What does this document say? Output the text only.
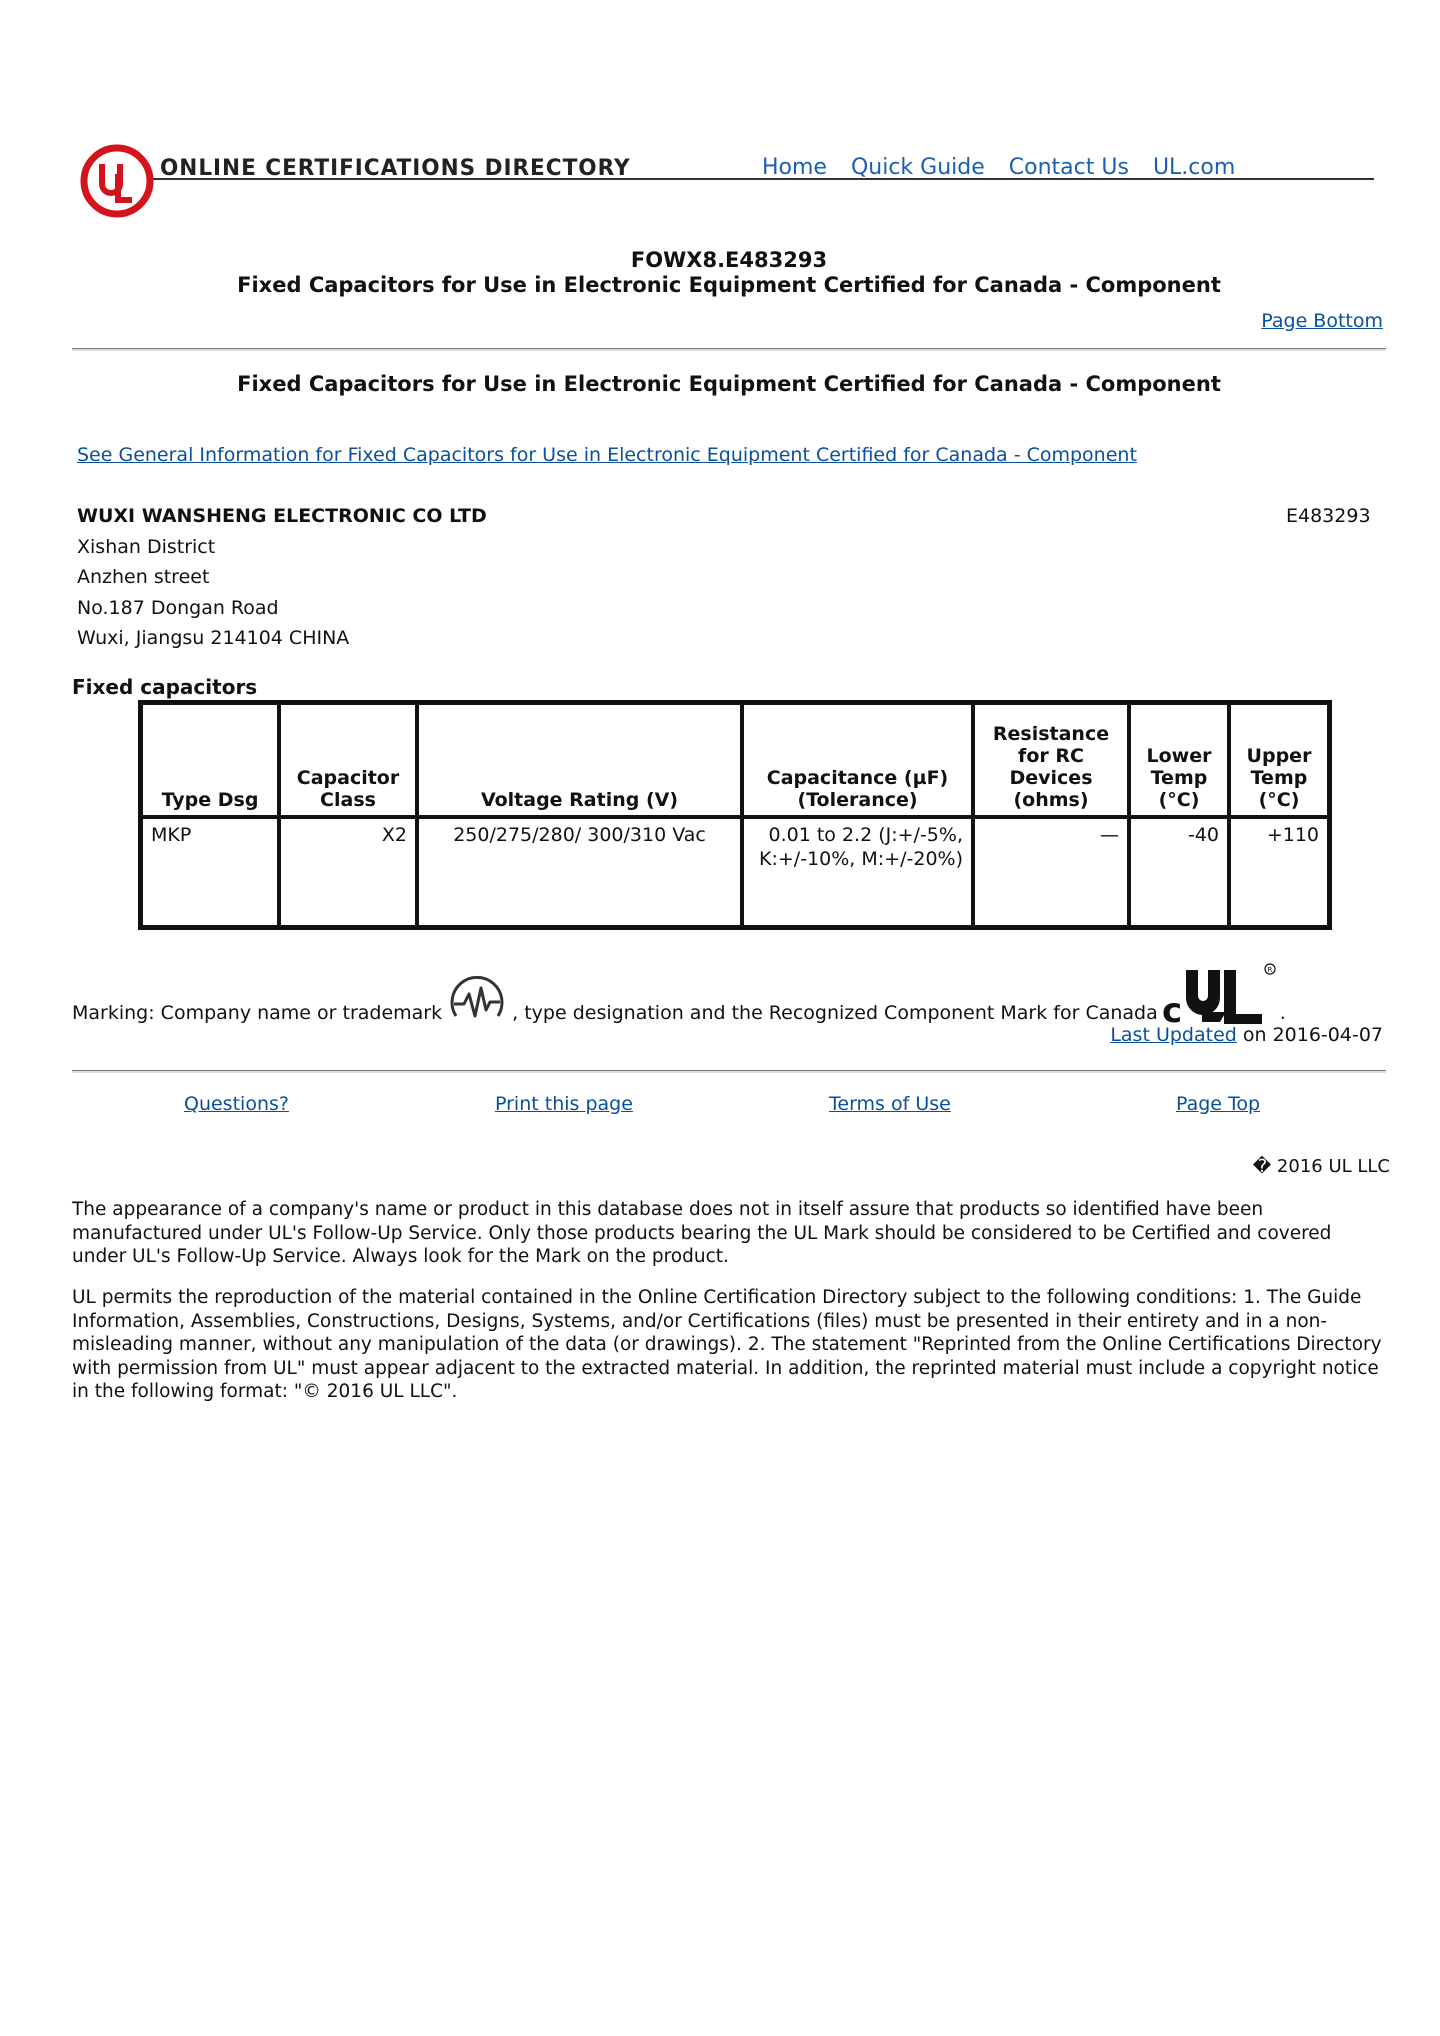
ONLINE CERTIFICATIONS DIRECTORY	Home Quick Guide Contact Us UL.com
FOWX8.E483293
Fixed Capacitors for Use in Electronic Equipment Certified for Canada - Component
Page Bottom
Fixed Capacitors for Use in Electronic Equipment Certified for Canada - Component
See General Information for Fixed Capacitors for Use in Electronic Equipment Certified for Canada - Component
WUXI WANSHENG ELECTRONIC CO LTD	E483293
Xishan District
Anzhen street
No.187 Dongan Road
Wuxi, Jiangsu 214104 CHINA
Fixed capacitors
Type Dsg	Capacitor Class	Voltage Rating (V)	Capacitance (µF) (Tolerance)	Resistance for RC Devices (ohms)	Lower Temp (°C)	Upper Temp (°C)
MKP	X2	250/275/280/ 300/310 Vac	0.01 to 2.2 (J:+/-5%, K:+/-10%, M:+/-20%)	—	-40	+110
Marking: Company name or trademark	, type designation and the Recognized Component Mark for Canada c
R
.
Last Updated on 2016-04-07
Questions?	Print this page	Terms of Use	Page Top
� 2016 UL LLC
The appearance of a company's name or product in this database does not in itself assure that products so identified have been manufactured under UL's Follow-Up Service. Only those products bearing the UL Mark should be considered to be Certified and covered under UL's Follow-Up Service. Always look for the Mark on the product.
UL permits the reproduction of the material contained in the Online Certification Directory subject to the following conditions: 1. The Guide Information, Assemblies, Constructions, Designs, Systems, and/or Certifications (files) must be presented in their entirety and in a non-misleading manner, without any manipulation of the data (or drawings). 2. The statement "Reprinted from the Online Certifications Directory with permission from UL" must appear adjacent to the extracted material. In addition, the reprinted material must include a copyright notice in the following format: "© 2016 UL LLC".
